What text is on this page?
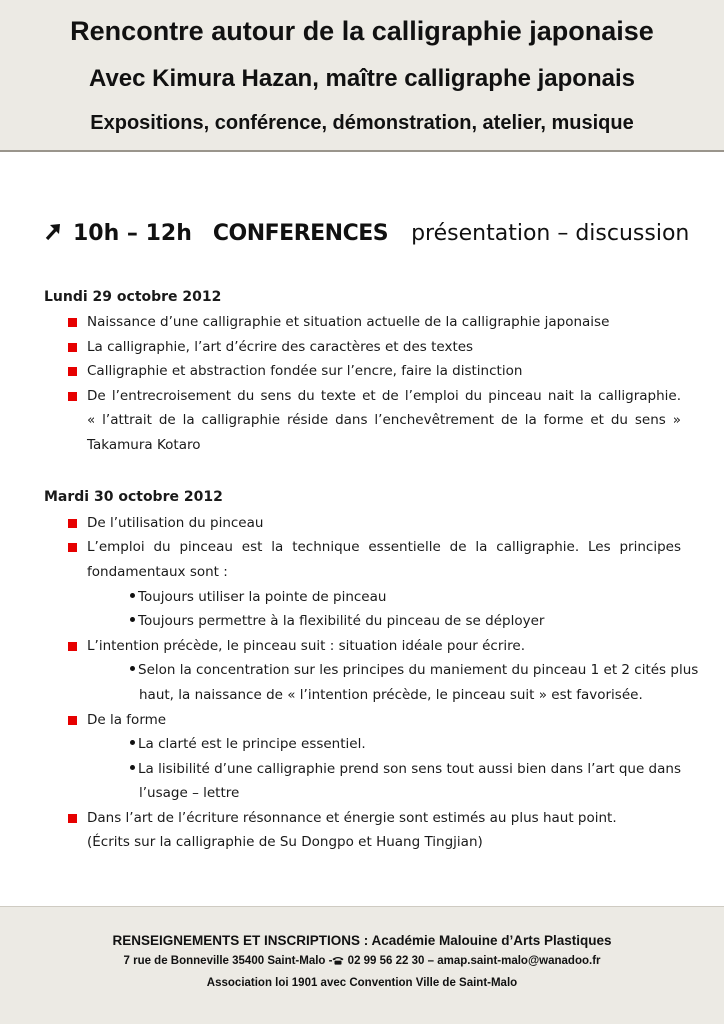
Rencontre autour de la calligraphie japonaise
Avec Kimura Hazan, maître calligraphe japonais
Expositions, conférence, démonstration, atelier, musique
10h – 12h CONFERENCES présentation – discussion
Lundi 29 octobre 2012
Naissance d’une calligraphie et situation actuelle de la calligraphie japonaise
La calligraphie, l’art d’écrire des caractères et des textes
Calligraphie et abstraction fondée sur l’encre, faire la distinction
De l’entrecroisement du sens du texte et de l’emploi du pinceau nait la calligraphie.
« l’attrait de la calligraphie réside dans l’enchevêtrement de la forme et du sens »
Takamura Kotaro
Mardi 30 octobre 2012
De l’utilisation du pinceau
L’emploi du pinceau est la technique essentielle de la calligraphie. Les principes
fondamentaux sont :
Toujours utiliser la pointe de pinceau
Toujours permettre à la flexibilité du pinceau de se déployer
L’intention précède, le pinceau suit : situation idéale pour écrire.
Selon la concentration sur les principes du maniement du pinceau 1 et 2 cités plus
haut, la naissance de « l’intention précède, le pinceau suit » est favorisée.
De la forme
La clarté est le principe essentiel.
La lisibilité d’une calligraphie prend son sens tout aussi bien dans l’art que dans
l’usage – lettre
Dans l’art de l’écriture résonnance et énergie sont estimés au plus haut point.
(Écrits sur la calligraphie de Su Dongpo et Huang Tingjian)
RENSEIGNEMENTS ET INSCRIPTIONS : Académie Malouine d’Arts Plastiques
7 rue de Bonneville 35400 Saint-Malo - 02 99 56 22 30 – amap.saint-malo@wanadoo.fr
Association loi 1901 avec Convention Ville de Saint-Malo
